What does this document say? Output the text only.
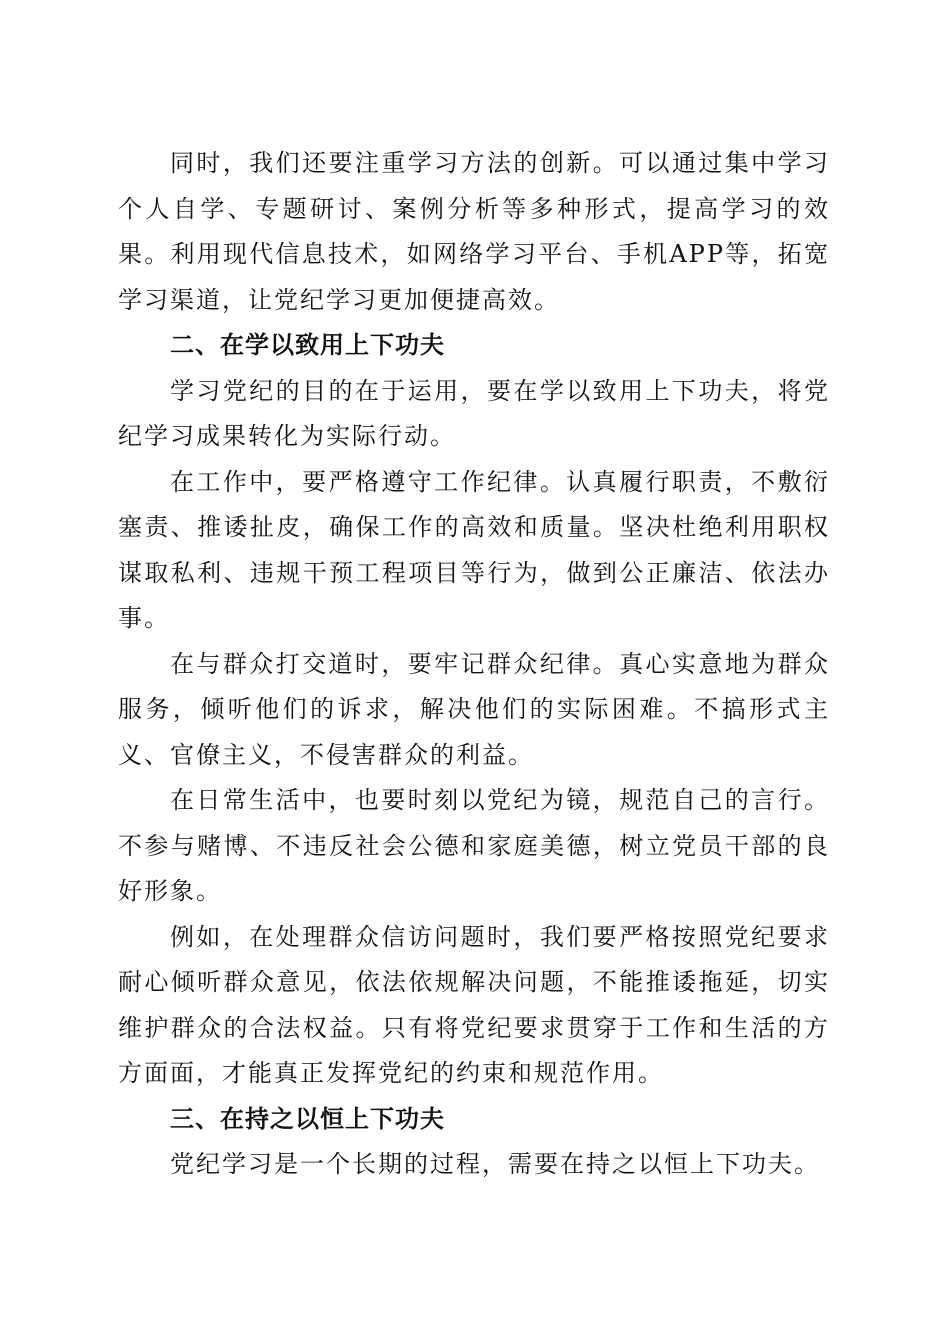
同时，我们还要注重学习方法的创新。可以通过集中学习个人自学、专题研讨、案例分析等多种形式，提高学习的效果。利用现代信息技术，如网络学习平台、手机APP等，拓宽学习渠道，让党纪学习更加便捷高效。

二、在学以致用上下功夫

学习党纪的目的在于运用，要在学以致用上下功夫，将党纪学习成果转化为实际行动。

在工作中，要严格遵守工作纪律。认真履行职责，不敷衍塞责、推诿扯皮，确保工作的高效和质量。坚决杜绝利用职权谋取私利、违规干预工程项目等行为，做到公正廉洁、依法办事。

在与群众打交道时，要牢记群众纪律。真心实意地为群众服务，倾听他们的诉求，解决他们的实际困难。不搞形式主义、官僚主义，不侵害群众的利益。

在日常生活中，也要时刻以党纪为镜，规范自己的言行。不参与赌博、不违反社会公德和家庭美德，树立党员干部的良好形象。

例如，在处理群众信访问题时，我们要严格按照党纪要求耐心倾听群众意见，依法依规解决问题，不能推诿拖延，切实维护群众的合法权益。只有将党纪要求贯穿于工作和生活的方方面面，才能真正发挥党纪的约束和规范作用。

三、在持之以恒上下功夫

党纪学习是一个长期的过程，需要在持之以恒上下功夫。
